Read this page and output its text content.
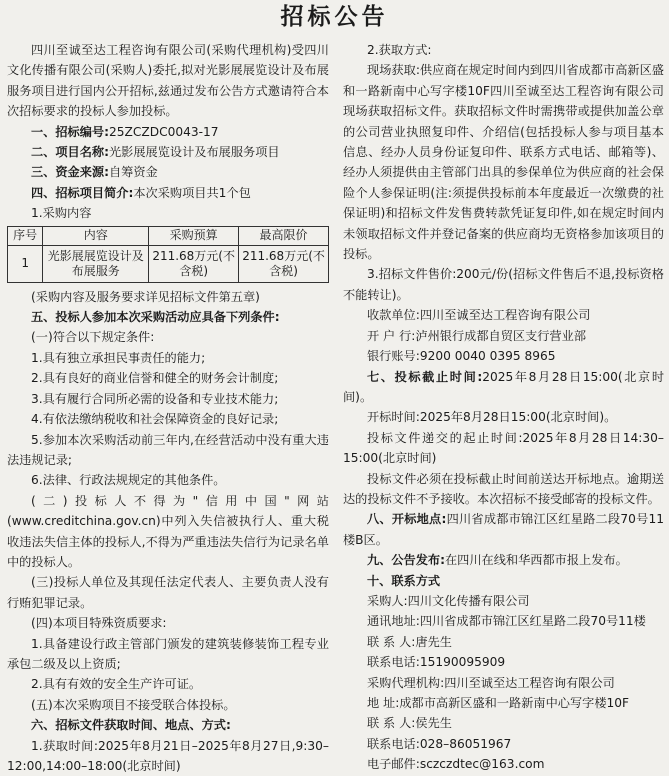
招标公告

四川至诚至达工程咨询有限公司(采购代理机构)受四川文化传播有限公司(采购人)委托,拟对光影展展览设计及布展服务项目进行国内公开招标,兹通过发布公告方式邀请符合本次招标要求的投标人参加投标。

一、招标编号:25ZCZDC0043-17

二、项目名称:光影展展览设计及布展服务项目

三、资金来源:自筹资金

四、招标项目简介:本次采购项目共1个包

1.采购内容

序号	内容	采购预算	最高限价
1	光影展展览设计及布展服务	211.68万元(不含税)	211.68万元(不含税)

(采购内容及服务要求详见招标文件第五章)

五、投标人参加本次采购活动应具备下列条件:

(一)符合以下规定条件:

1.具有独立承担民事责任的能力;

2.具有良好的商业信誉和健全的财务会计制度;

3.具有履行合同所必需的设备和专业技术能力;

4.有依法缴纳税收和社会保障资金的良好记录;

5.参加本次采购活动前三年内,在经营活动中没有重大违法违规记录;

6.法律、行政法规规定的其他条件。

(二)投标人不得为"信用中国"网站(www.creditchina.gov.cn)中列入失信被执行人、重大税收违法失信主体的投标人,不得为严重违法失信行为记录名单中的投标人。

(三)投标人单位及其现任法定代表人、主要负责人没有行贿犯罪记录。

(四)本项目特殊资质要求:

1.具备建设行政主管部门颁发的建筑装修装饰工程专业承包二级及以上资质;

2.具有有效的安全生产许可证。

(五)本次采购项目不接受联合体投标。

六、招标文件获取时间、地点、方式:

1.获取时间:2025年8月21日–2025年8月27日,9:30–12:00,14:00–18:00(北京时间)

2.获取方式:

现场获取:供应商在规定时间内到四川省成都市高新区盛和一路新南中心写字楼10F四川至诚至达工程咨询有限公司现场获取招标文件。获取招标文件时需携带或提供加盖公章的公司营业执照复印件、介绍信(包括投标人参与项目基本信息、经办人员身份证复印件、联系方式电话、邮箱等)、经办人须提供由主管部门出具的参保单位为供应商的社会保险个人参保证明(注:须提供投标前本年度最近一次缴费的社保证明)和招标文件发售费转款凭证复印件,如在规定时间内未领取招标文件并登记备案的供应商均无资格参加该项目的投标。

3.招标文件售价:200元/份(招标文件售后不退,投标资格不能转让)。

收款单位:四川至诚至达工程咨询有限公司

开 户 行:泸州银行成都自贸区支行营业部

银行账号:9200 0040 0395 8965

七、投标截止时间:2025年8月28日15:00(北京时间)。

开标时间:2025年8月28日15:00(北京时间)。

投标文件递交的起止时间:2025年8月28日14:30–15:00(北京时间)

投标文件必须在投标截止时间前送达开标地点。逾期送达的投标文件不予接收。本次招标不接受邮寄的投标文件。

八、开标地点:四川省成都市锦江区红星路二段70号11楼B区。

九、公告发布:在四川在线和华西都市报上发布。

十、联系方式

采购人:四川文化传播有限公司

通讯地址:四川省成都市锦江区红星路二段70号11楼

联 系 人:唐先生

联系电话:15190095909

采购代理机构:四川至诚至达工程咨询有限公司

地 址:成都市高新区盛和一路新南中心写字楼10F

联 系 人:侯先生

联系电话:028–86051967

电子邮件:sczczdtec@163.com
